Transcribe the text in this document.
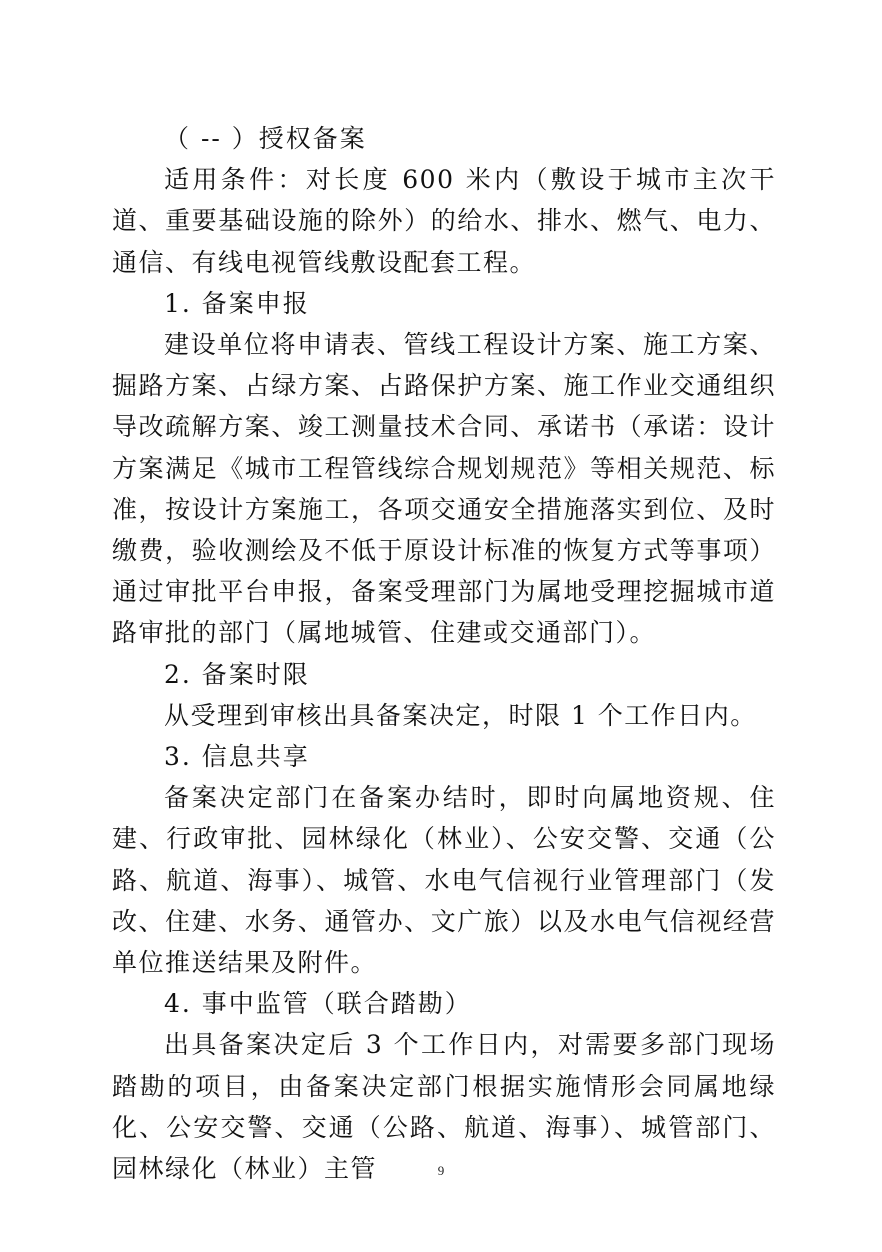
（ -- ）授权备案

适用条件：对长度 600 米内（敷设于城市主次干道、重要基础设施的除外）的给水、排水、燃气、电力、通信、有线电视管线敷设配套工程。

1. 备案申报

建设单位将申请表、管线工程设计方案、施工方案、掘路方案、占绿方案、占路保护方案、施工作业交通组织导改疏解方案、竣工测量技术合同、承诺书（承诺：设计方案满足《城市工程管线综合规划规范》等相关规范、标准，按设计方案施工，各项交通安全措施落实到位、及时缴费，验收测绘及不低于原设计标准的恢复方式等事项）通过审批平台申报，备案受理部门为属地受理挖掘城市道路审批的部门（属地城管、住建或交通部门）。

2. 备案时限

从受理到审核出具备案决定，时限 1 个工作日内。

3. 信息共享

备案决定部门在备案办结时，即时向属地资规、住建、行政审批、园林绿化（林业）、公安交警、交通（公路、航道、海事）、城管、水电气信视行业管理部门（发改、住建、水务、通管办、文广旅）以及水电气信视经营单位推送结果及附件。

4. 事中监管（联合踏勘）

出具备案决定后 3 个工作日内，对需要多部门现场踏勘的项目，由备案决定部门根据实施情形会同属地绿化、公安交警、交通（公路、航道、海事）、城管部门、园林绿化（林业）主管	9
